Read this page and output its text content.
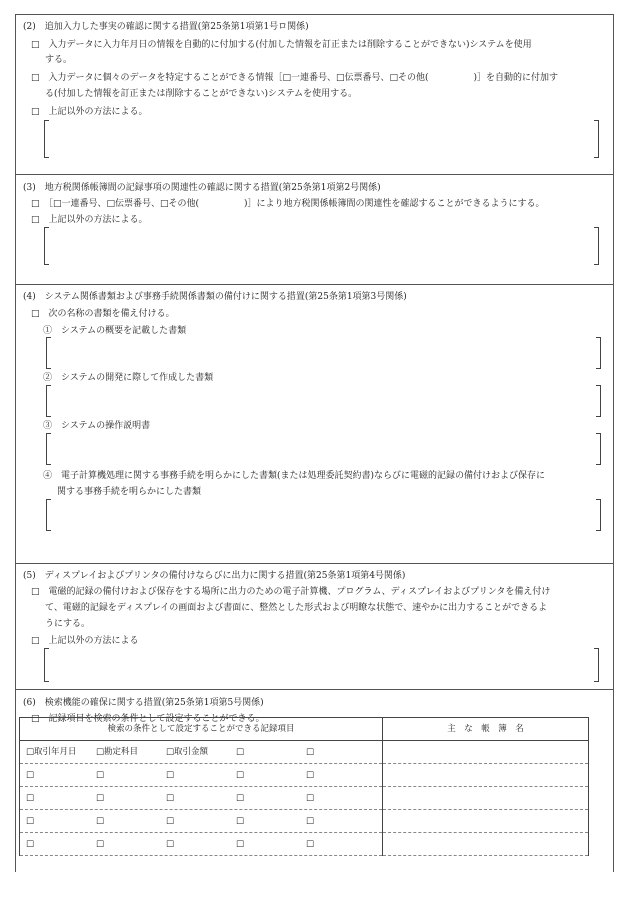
(2)　追加入力した事実の確認に関する措置(第25条第1項第1号ロ関係)
□　入力データに入力年月日の情報を自動的に付加する(付加した情報を訂正または削除することができない)システムを使用
する。
□　入力データに個々のデータを特定することができる情報［□一連番号、□伝票番号、□その他(　　　　　)］を自動的に付加す
る(付加した情報を訂正または削除することができない)システムを使用する。
□　上記以外の方法による。
(3)　地方税関係帳簿間の記録事項の関連性の確認に関する措置(第25条第1項第2号関係)
□　［□一連番号、□伝票番号、□その他(　　　　　)］により地方税関係帳簿間の関連性を確認することができるようにする。
□　上記以外の方法による。
(4)　システム関係書類および事務手続関係書類の備付けに関する措置(第25条第1項第3号関係)
□　次の名称の書類を備え付ける。
①　システムの概要を記載した書類
②　システムの開発に際して作成した書類
③　システムの操作説明書
④　電子計算機処理に関する事務手続を明らかにした書類(または処理委託契約書)ならびに電磁的記録の備付けおよび保存に
関する事務手続を明らかにした書類
(5)　ディスプレイおよびプリンタの備付けならびに出力に関する措置(第25条第1項第4号関係)
□　電磁的記録の備付けおよび保存をする場所に出力のための電子計算機、プログラム、ディスプレイおよびプリンタを備え付け
て、電磁的記録をディスプレイの画面および書面に、整然とした形式および明瞭な状態で、速やかに出力することができるよ
うにする。
□　上記以外の方法による
(6)　検索機能の確保に関する措置(第25条第1項第5号関係)
□　記録項目を検索の条件として設定することができる。
検索の条件として設定することができる記録項目	主　な　帳　簿　名

□取引年月日 □勘定科目 □取引金額 □ □	

□ □ □ □ □	

□ □ □ □ □	

□ □ □ □ □	

□ □ □ □ □	
